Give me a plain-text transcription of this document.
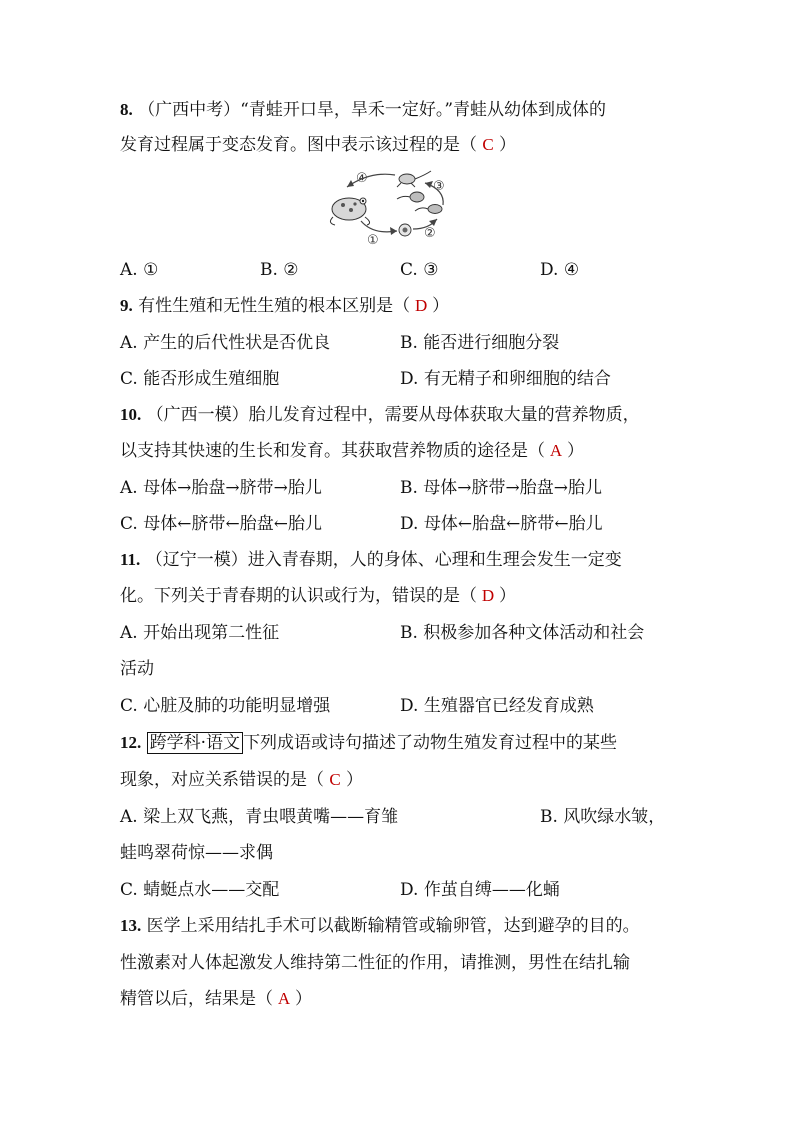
8. （广西中考）“青蛙开口旱，旱禾一定好。”青蛙从幼体到成体的
发育过程属于变态发育。图中表示该过程的是（ C ）
④
③
①	②
A. ①	B. ②	C. ③	D. ④
9. 有性生殖和无性生殖的根本区别是（ D ）
A. 产生的后代性状是否优良	B. 能否进行细胞分裂
C. 能否形成生殖细胞	D. 有无精子和卵细胞的结合
10. （广西一模）胎儿发育过程中，需要从母体获取大量的营养物质，
以支持其快速的生长和发育。其获取营养物质的途径是（ A ）
A. 母体→胎盘→脐带→胎儿	B. 母体→脐带→胎盘→胎儿
C. 母体←脐带←胎盘←胎儿	D. 母体←胎盘←脐带←胎儿
11. （辽宁一模）进入青春期，人的身体、心理和生理会发生一定变
化。下列关于青春期的认识或行为，错误的是（ D ）
A. 开始出现第二性征	B. 积极参加各种文体活动和社会
活动
C. 心脏及肺的功能明显增强	D. 生殖器官已经发育成熟
12. 跨学科·语文 下列成语或诗句描述了动物生殖发育过程中的某些
现象，对应关系错误的是（ C ）
A. 梁上双飞燕，青虫喂黄嘴——育雏	B. 风吹绿水皱，
蛙鸣翠荷惊——求偶
C. 蜻蜓点水——交配	D. 作茧自缚——化蛹
13. 医学上采用结扎手术可以截断输精管或输卵管，达到避孕的目的。
性激素对人体起激发人维持第二性征的作用，请推测，男性在结扎输
精管以后，结果是（ A ）
